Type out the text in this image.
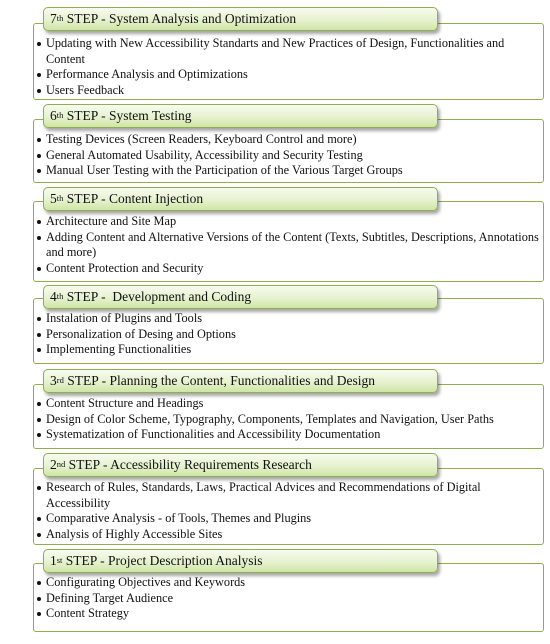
7th STEP - System Analysis and Optimization
Updating with New Accessibility Standarts and New Practices of Design, Functionalities and Content
Performance Analysis and Optimizations
Users Feedback
6th STEP - System Testing
Testing Devices (Screen Readers, Keyboard Control and more)
General Automated Usability, Accessibility and Security Testing
Manual User Testing with the Participation of the Various Target Groups
5th STEP - Content Injection
Architecture and Site Map
Adding Content and Alternative Versions of the Content (Texts, Subtitles, Descriptions, Annotations and more)
Content Protection and Security
4th STEP -  Development and Coding
Instalation of Plugins and Tools
Personalization of Desing and Options
Implementing Functionalities
3rd STEP - Planning the Content, Functionalities and Design
Content Structure and Headings
Design of Color Scheme, Typography, Components, Templates and Navigation, User Paths
Systematization of Functionalities and Accessibility Documentation
2nd STEP - Accessibility Requirements Research
Research of Rules, Standards, Laws, Practical Advices and Recommendations of Digital Accessibility
Comparative Analysis - of Tools, Themes and Plugins
Analysis of Highly Accessible Sites
1st STEP - Project Description Analysis
Configurating Objectives and Keywords
Defining Target Audience
Content Strategy
